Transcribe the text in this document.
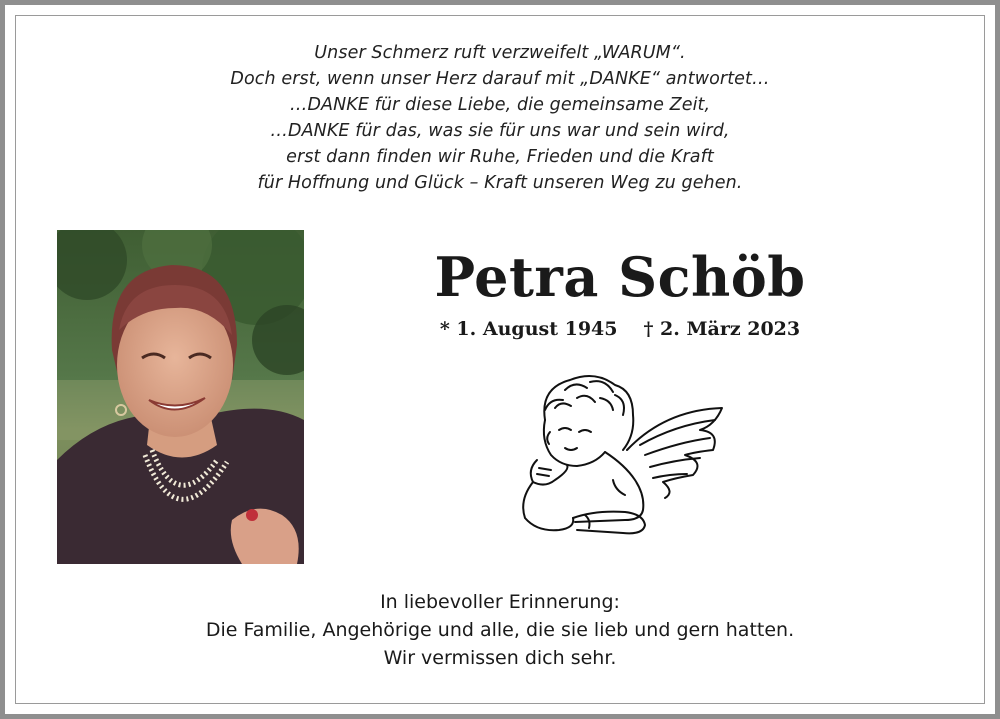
Unser Schmerz ruft verzweifelt „WARUM“.
Doch erst, wenn unser Herz darauf mit „DANKE“ antwortet…
…DANKE für diese Liebe, die gemeinsame Zeit,
…DANKE für das, was sie für uns war und sein wird,
erst dann finden wir Ruhe, Frieden und die Kraft
für Hoffnung und Glück – Kraft unseren Weg zu gehen.
Petra Schöb
* 1. August 1945 † 2. März 2023
In liebevoller Erinnerung:
Die Familie, Angehörige und alle, die sie lieb und gern hatten.
Wir vermissen dich sehr.
